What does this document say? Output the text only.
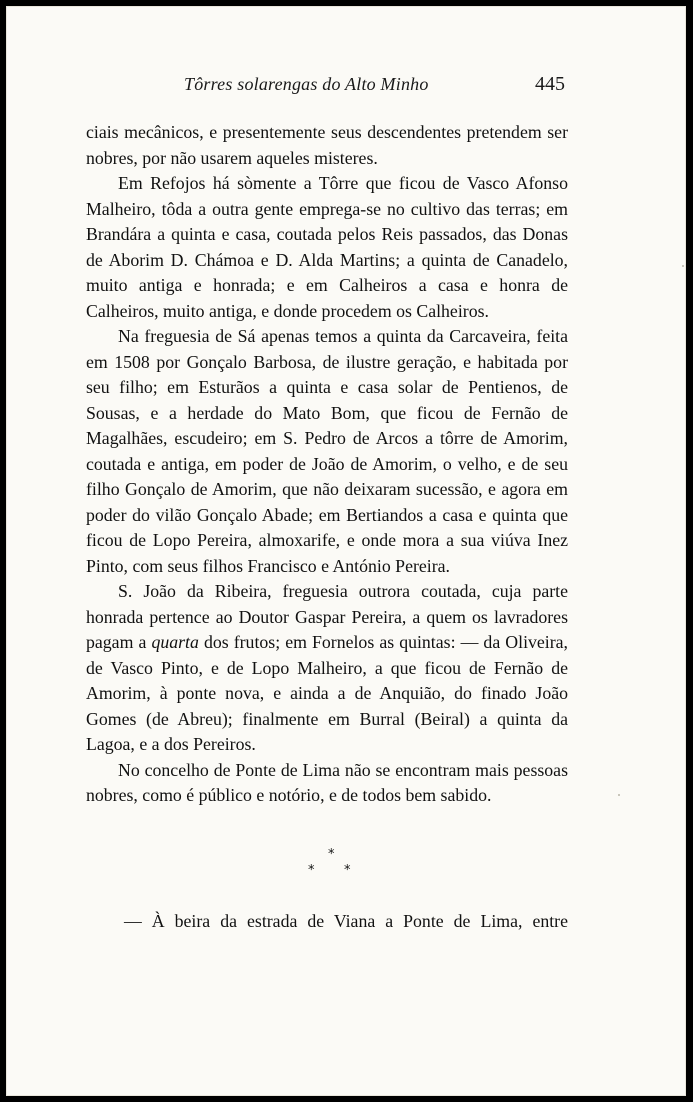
Tôrres solarengas do Alto Minho	445

ciais mecânicos, e presentemente seus descendentes pretendem ser nobres, por não usarem aqueles misteres.

Em Refojos há sòmente a Tôrre que ficou de Vasco Afonso Malheiro, tôda a outra gente emprega-se no cultivo das terras; em Brandára a quinta e casa, coutada pelos Reis passados, das Donas de Aborim D. Chámoa e D. Alda Martins; a quinta de Canadelo, muito antiga e honrada; e em Calheiros a casa e honra de Calheiros, muito antiga, e donde procedem os Calheiros.

Na freguesia de Sá apenas temos a quinta da Carcaveira, feita em 1508 por Gonçalo Barbosa, de ilustre geração, e habitada por seu filho; em Esturãos a quinta e casa solar de Pentienos, de Sousas, e a herdade do Mato Bom, que ficou de Fernão de Magalhães, escudeiro; em S. Pedro de Arcos a tôrre de Amorim, coutada e antiga, em poder de João de Amorim, o velho, e de seu filho Gonçalo de Amorim, que não deixaram sucessão, e agora em poder do vilão Gonçalo Abade; em Bertiandos a casa e quinta que ficou de Lopo Pereira, almoxarife, e onde mora a sua viúva Inez Pinto, com seus filhos Francisco e António Pereira.

S. João da Ribeira, freguesia outrora coutada, cuja parte honrada pertence ao Doutor Gaspar Pereira, a quem os lavradores pagam a quarta dos frutos; em Fornelos as quintas: — da Oliveira, de Vasco Pinto, e de Lopo Malheiro, a que ficou de Fernão de Amorim, à ponte nova, e ainda a de Anquião, do finado João Gomes (de Abreu); finalmente em Burral (Beiral) a quinta da Lagoa, e a dos Pereiros.

No concelho de Ponte de Lima não se encontram mais pessoas nobres, como é público e notório, e de todos bem sabido.

*
* *
— À beira da estrada de Viana a Ponte de Lima, entre
